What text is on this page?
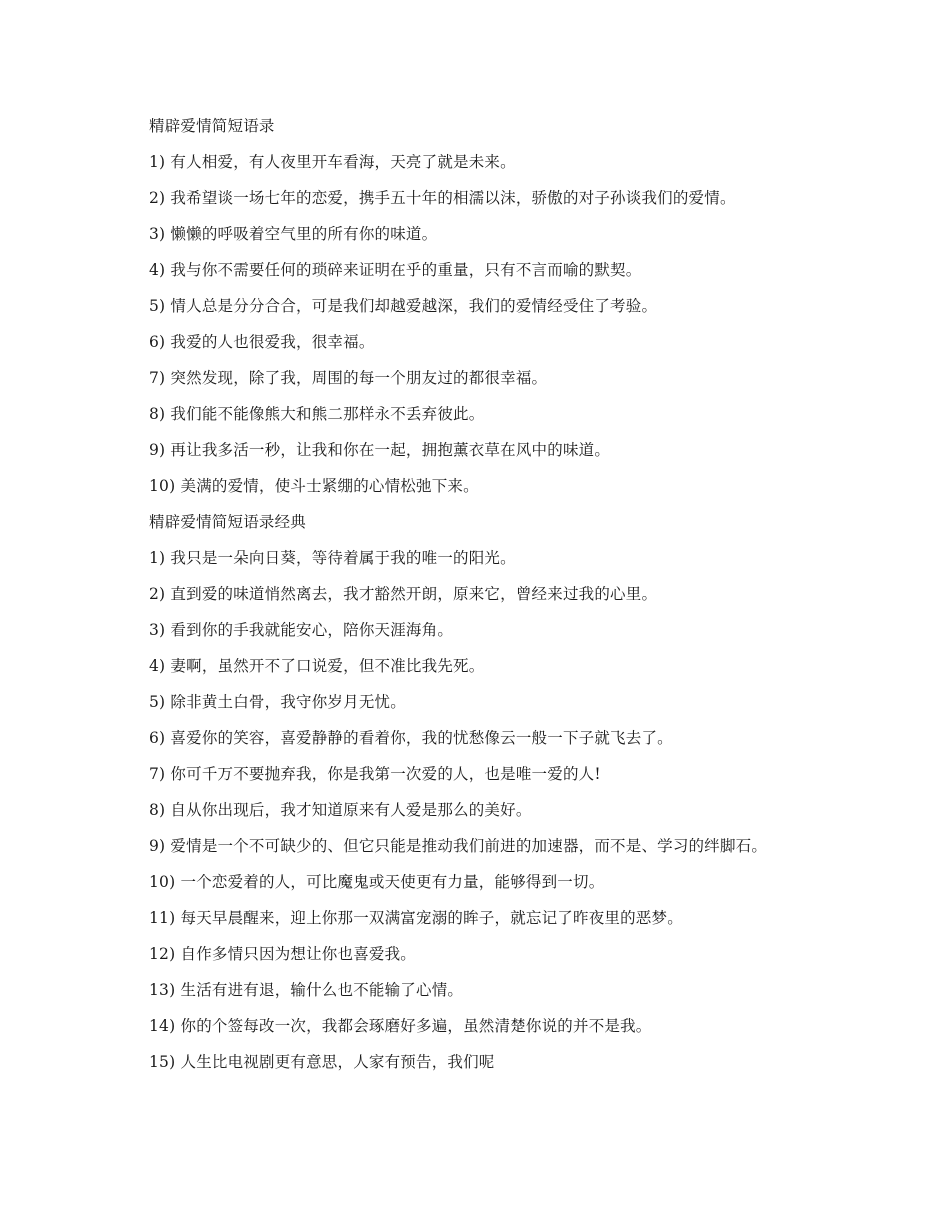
精辟爱情简短语录

1) 有人相爱，有人夜里开车看海，天亮了就是未来。

2) 我希望谈一场七年的恋爱，携手五十年的相濡以沫，骄傲的对子孙谈我们的爱情。

3) 懒懒的呼吸着空气里的所有你的味道。

4) 我与你不需要任何的琐碎来证明在乎的重量，只有不言而喻的默契。

5) 情人总是分分合合，可是我们却越爱越深，我们的爱情经受住了考验。

6) 我爱的人也很爱我，很幸福。

7) 突然发现，除了我，周围的每一个朋友过的都很幸福。

8) 我们能不能像熊大和熊二那样永不丢弃彼此。

9) 再让我多活一秒，让我和你在一起，拥抱薰衣草在风中的味道。

10) 美满的爱情，使斗士紧绷的心情松弛下来。

精辟爱情简短语录经典

1) 我只是一朵向日葵，等待着属于我的唯一的阳光。

2) 直到爱的味道悄然离去，我才豁然开朗，原来它，曾经来过我的心里。

3) 看到你的手我就能安心，陪你天涯海角。

4) 妻啊，虽然开不了口说爱，但不准比我先死。

5) 除非黄土白骨，我守你岁月无忧。

6) 喜爱你的笑容，喜爱静静的看着你，我的忧愁像云一般一下子就飞去了。

7) 你可千万不要抛弃我，你是我第一次爱的人，也是唯一爱的人!

8) 自从你出现后，我才知道原来有人爱是那么的美好。

9) 爱情是一个不可缺少的、但它只能是推动我们前进的加速器，而不是、学习的绊脚石。

10) 一个恋爱着的人，可比魔鬼或天使更有力量，能够得到一切。

11) 每天早晨醒来，迎上你那一双满富宠溺的眸子，就忘记了昨夜里的恶梦。

12) 自作多情只因为想让你也喜爱我。

13) 生活有进有退，输什么也不能输了心情。

14) 你的个签每改一次，我都会琢磨好多遍，虽然清楚你说的并不是我。

15) 人生比电视剧更有意思，人家有预告，我们呢
